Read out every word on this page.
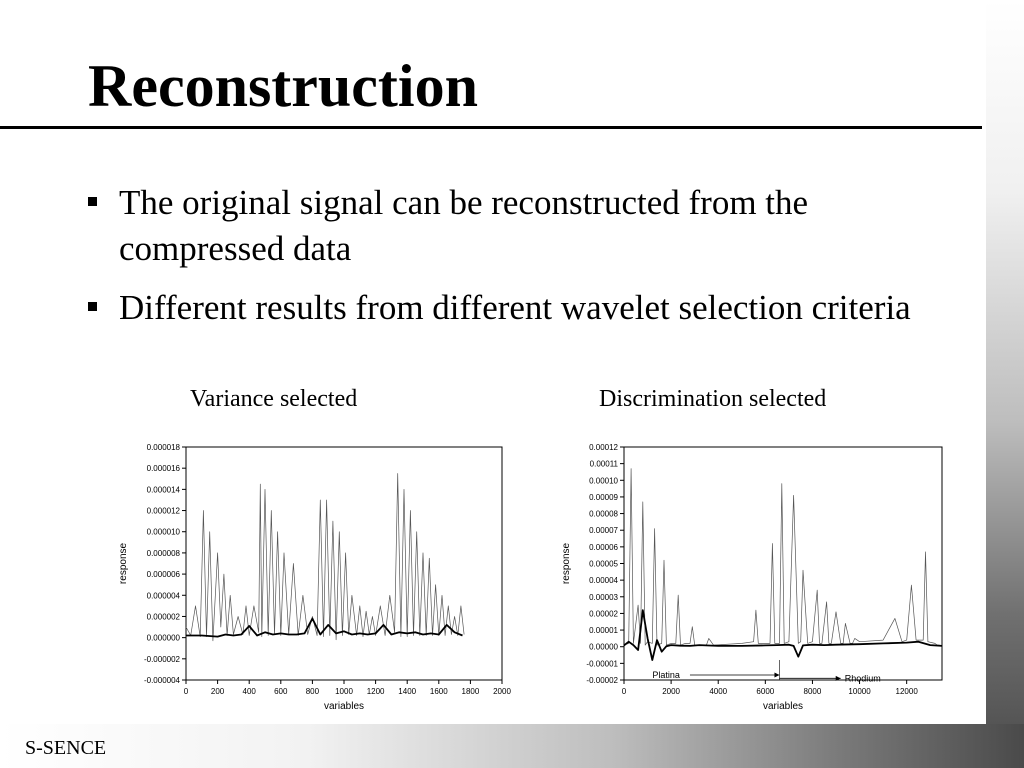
Reconstruction
The original signal can be reconstructed from the compressed data
Different results from different wavelet selection criteria
Variance selected	Discrimination selected
-0.000004
-0.000002
0.000000
0.000002
0.000004
0.000006
0.000008
0.000010
0.000012
0.000014
0.000016
0.000018
0	200 400 600 800 1000 1200 1400 1600 1800 2000
variables
response
-0.00002
-0.00001
0.00000
0.00001
0.00002
0.00003
0.00004
0.00005
0.00006
0.00007
0.00008
0.00009
0.00010
0.00011
0.00012
0	2000	4000	6000	8000	10000	12000
variables
response
Platina	Rhodium
S-SENCE
